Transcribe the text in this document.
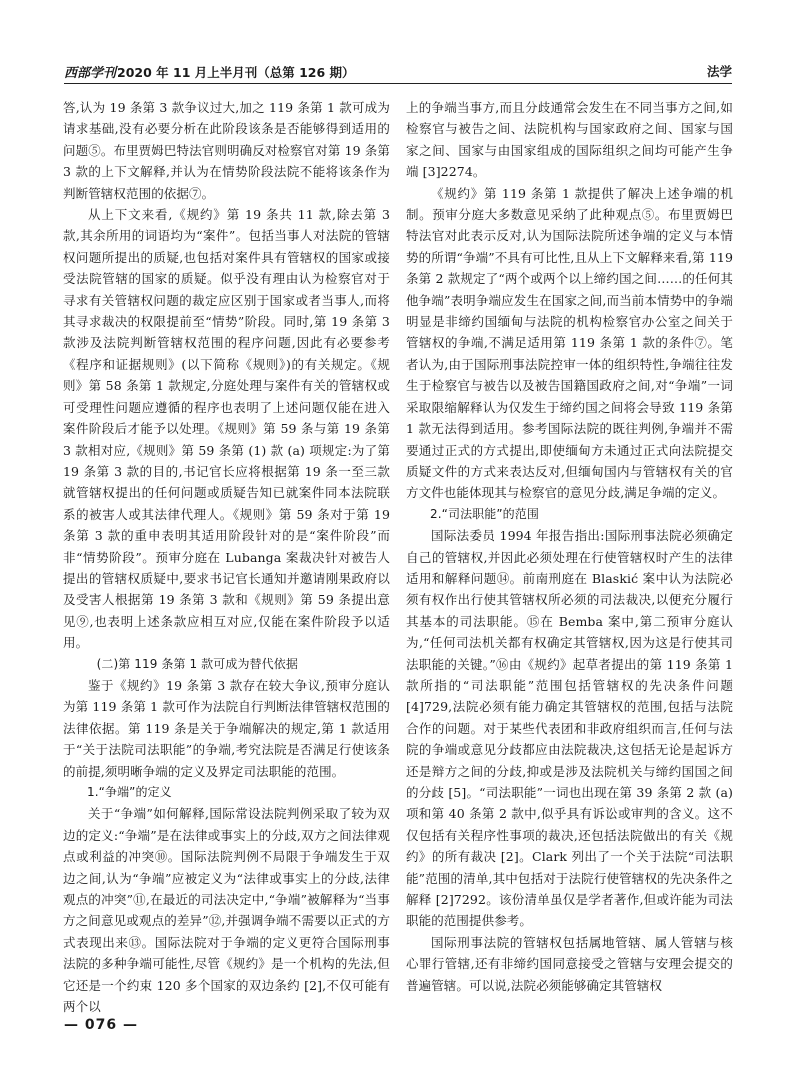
西部学刊2020 年 11 月上半月刊（总第 126 期）	法学

答,认为 19 条第 3 款争议过大,加之 119 条第 1 款可成为请求基础,没有必要分析在此阶段该条是否能够得到适用的问题⑤。布里贾姆巴特法官则明确反对检察官对第 19 条第 3 款的上下文解释,并认为在情势阶段法院不能将该条作为判断管辖权范围的依据⑦。

从上下文来看,《规约》第 19 条共 11 款,除去第 3 款,其余所用的词语均为“案件”。包括当事人对法院的管辖权问题所提出的质疑,也包括对案件具有管辖权的国家或接受法院管辖的国家的质疑。似乎没有理由认为检察官对于寻求有关管辖权问题的裁定应区别于国家或者当事人,而将其寻求裁决的权限提前至“情势”阶段。同时,第 19 条第 3 款涉及法院判断管辖权范围的程序问题,因此有必要参考《程序和证据规则》(以下简称《规则》)的有关规定。《规则》第 58 条第 1 款规定,分庭处理与案件有关的管辖权或可受理性问题应遵循的程序也表明了上述问题仅能在进入案件阶段后才能予以处理。《规则》第 59 条与第 19 条第 3 款相对应,《规则》第 59 条第 (1) 款 (a) 项规定:为了第 19 条第 3 款的目的,书记官长应将根据第 19 条一至三款就管辖权提出的任何问题或质疑告知已就案件同本法院联系的被害人或其法律代理人。《规则》第 59 条对于第 19 条第 3 款的重申表明其适用阶段针对的是“案件阶段”而非“情势阶段”。预审分庭在 Lubanga 案裁决针对被告人提出的管辖权质疑中,要求书记官长通知并邀请刚果政府以及受害人根据第 19 条第 3 款和《规则》第 59 条提出意见⑨,也表明上述条款应相互对应,仅能在案件阶段予以适用。

(二)第 119 条第 1 款可成为替代依据

鉴于《规约》19 条第 3 款存在较大争议,预审分庭认为第 119 条第 1 款可作为法院自行判断法律管辖权范围的法律依据。第 119 条是关于争端解决的规定,第 1 款适用于“关于法院司法职能”的争端,考究法院是否满足行使该条的前提,须明晰争端的定义及界定司法职能的范围。

1.“争端”的定义

关于“争端”如何解释,国际常设法院判例采取了较为双边的定义:“争端”是在法律或事实上的分歧,双方之间法律观点或利益的冲突⑩。国际法院判例不局限于争端发生于双边之间,认为“争端”应被定义为“法律或事实上的分歧,法律观点的冲突”⑪,在最近的司法决定中,“争端”被解释为“当事方之间意见或观点的差异”⑫,并强调争端不需要以正式的方式表现出来⑬。国际法院对于争端的定义更符合国际刑事法院的多种争端可能性,尽管《规约》是一个机构的先法,但它还是一个约束 120 多个国家的双边条约 [2],不仅可能有两个以

上的争端当事方,而且分歧通常会发生在不同当事方之间,如检察官与被告之间、法院机构与国家政府之间、国家与国家之间、国家与由国家组成的国际组织之间均可能产生争端 [3]2274。

《规约》第 119 条第 1 款提供了解决上述争端的机制。预审分庭大多数意见采纳了此种观点⑤。布里贾姆巴特法官对此表示反对,认为国际法院所述争端的定义与本情势的所谓“争端”不具有可比性,且从上下文解释来看,第 119 条第 2 款规定了“两个或两个以上缔约国之间……的任何其他争端”表明争端应发生在国家之间,而当前本情势中的争端明显是非缔约国缅甸与法院的机构检察官办公室之间关于管辖权的争端,不满足适用第 119 条第 1 款的条件⑦。笔者认为,由于国际刑事法院控审一体的组织特性,争端往往发生于检察官与被告以及被告国籍国政府之间,对“争端”一词采取限缩解释认为仅发生于缔约国之间将会导致 119 条第 1 款无法得到适用。参考国际法院的既往判例,争端并不需要通过正式的方式提出,即使缅甸方未通过正式向法院提交质疑文件的方式来表达反对,但缅甸国内与管辖权有关的官方文件也能体现其与检察官的意见分歧,满足争端的定义。

2.“司法职能”的范围

国际法委员 1994 年报告指出:国际刑事法院必须确定自己的管辖权,并因此必须处理在行使管辖权时产生的法律适用和解释问题⑭。前南刑庭在 Blaskić 案中认为法院必须有权作出行使其管辖权所必须的司法裁决,以便充分履行其基本的司法职能。⑮在 Bemba 案中,第二预审分庭认为,“任何司法机关都有权确定其管辖权,因为这是行使其司法职能的关键。”⑯由《规约》起草者提出的第 119 条第 1 款所指的“司法职能”范围包括管辖权的先决条件问题 [4]729,法院必须有能力确定其管辖权的范围,包括与法院合作的问题。对于某些代表团和非政府组织而言,任何与法院的争端或意见分歧都应由法院裁决,这包括无论是起诉方还是辩方之间的分歧,抑或是涉及法院机关与缔约国国之间的分歧 [5]。“司法职能”一词也出现在第 39 条第 2 款 (a) 项和第 40 条第 2 款中,似乎具有诉讼或审判的含义。这不仅包括有关程序性事项的裁决,还包括法院做出的有关《规约》的所有裁决 [2]。Clark 列出了一个关于法院“司法职能”范围的清单,其中包括对于法院行使管辖权的先决条件之解释 [2]7292。该份清单虽仅是学者著作,但或许能为司法职能的范围提供参考。

国际刑事法院的管辖权包括属地管辖、属人管辖与核心罪行管辖,还有非缔约国同意接受之管辖与安理会提交的普遍管辖。可以说,法院必须能够确定其管辖权

— 076 —
